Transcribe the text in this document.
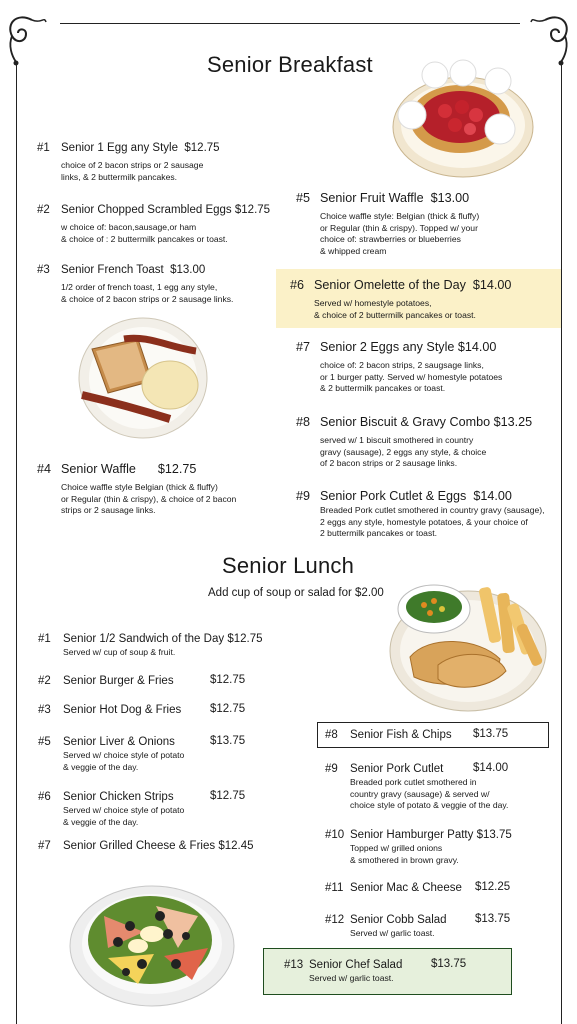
Senior Breakfast
#1 Senior 1 Egg any Style $12.75
choice of 2 bacon strips or 2 sausage
links, & 2 buttermilk pancakes.
#2 Senior Chopped Scrambled Eggs $12.75
w choice of: bacon,sausage,or ham
& choice of : 2 buttermilk pancakes or toast.
#3 Senior French Toast $13.00
1/2 order of french toast, 1 egg any style,
& choice of 2 bacon strips or 2 sausage links.
#4 Senior Waffle $12.75
Choice waffle style Belgian (thick & fluffy)
or Regular (thin & crispy), & choice of 2 bacon
strips or 2 sausage links.
#5 Senior Fruit Waffle $13.00
Choice waffle style: Belgian (thick & fluffy)
or Regular (thin & crispy). Topped w/ your
choice of: strawberries or blueberries
& whipped cream
#6 Senior Omelette of the Day $14.00
Served w/ homestyle potatoes,
& choice of 2 buttermilk pancakes or toast.
#7 Senior 2 Eggs any Style $14.00
choice of: 2 bacon strips, 2 saugsage links,
or 1 burger patty. Served w/ homestyle potatoes
& 2 buttermilk pancakes or toast.
#8 Senior Biscuit & Gravy Combo $13.25
served w/ 1 biscuit smothered in country
gravy (sausage), 2 eggs any style, & choice
of 2 bacon strips or 2 sausage links.
#9 Senior Pork Cutlet & Eggs $14.00
Breaded Pork cutlet smothered in country gravy (sausage),
2 eggs any style, homestyle potatoes, & your choice of
2 buttermilk pancakes or toast.
Senior Lunch
Add cup of soup or salad for $2.00
#1 Senior 1/2 Sandwich of the Day $12.75
Served w/ cup of soup & fruit.
#2 Senior Burger & Fries	$12.75
#3 Senior Hot Dog & Fries	$12.75
#5 Senior Liver & Onions
Served w/ choice style of potato
& veggie of the day.
$13.75
#6 Senior Chicken Strips
Served w/ choice style of potato
& veggie of the day.
$12.75
#7 Senior Grilled Cheese & Fries $12.45
#8 Senior Fish & Chips $13.75
#9 Senior Pork Cutlet
Breaded pork cutlet smothered in
country gravy (sausage) & served w/
choice style of potato & veggie of the day.
$14.00
#10 Senior Hamburger Patty $13.75
Topped w/ grilled onions
& smothered in brown gravy.
#11 Senior Mac & Cheese $12.25
#12 Senior Cobb Salad
Served w/ garlic toast.
$13.75
#13 Senior Chef Salad
Served w/ garlic toast.
$13.75
